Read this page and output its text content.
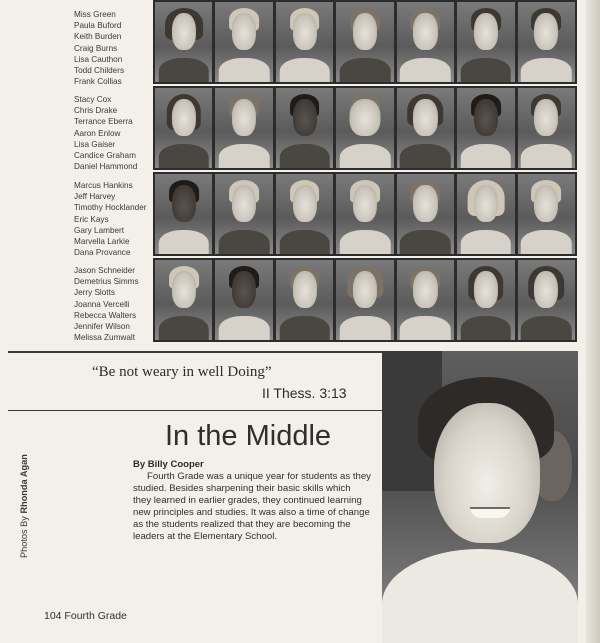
Miss Green
Paula Buford
Keith Burden
Craig Burns
Lisa Cauthon
Todd Childers
Frank Collias
Stacy Cox
Chris Drake
Terrance Eberra
Aaron Enlow
Lisa Gaiser
Candice Graham
Daniel Hammond
Marcus Hankins
Jeff Harvey
Timothy Hocklander
Eric Kays
Gary Lambert
Marvella Larkie
Dana Provance
Jason Schneider
Demetrius Simms
Jerry Slotts
Joanna Vercelli
Rebecca Walters
Jennifer Wilson
Melissa Zumwalt
“Be not weary in well Doing”
II Thess. 3:13
In the Middle
By Billy Cooper
Fourth Grade was a unique year for students as they studied. Besides sharpening their basic skills which they learned in earlier grades, they continued learning new principles and studies. It was also a time of change as the students realized that they are becoming the leaders at the Elementary School.
Photos By Rhonda Agan
104 Fourth Grade
